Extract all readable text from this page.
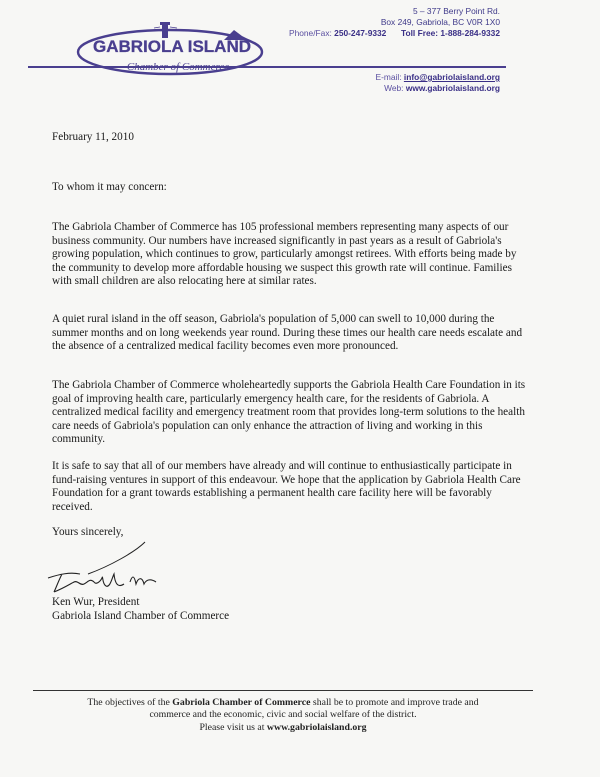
GABRIOLA ISLAND
5 – 377 Berry Point Rd.
Box 249, Gabriola, BC V0R 1X0
Phone/Fax: 250-247-9332 Toll Free: 1-888-284-9332
E-mail: info@gabriolaisland.org
Web: www.gabriolaisland.org
February 11, 2010
To whom it may concern:
The Gabriola Chamber of Commerce has 105 professional members representing many aspects of our business community. Our numbers have increased significantly in past years as a result of Gabriola's growing population, which continues to grow, particularly amongst retirees. With efforts being made by the community to develop more affordable housing we suspect this growth rate will continue. Families with small children are also relocating here at similar rates.
A quiet rural island in the off season, Gabriola's population of 5,000 can swell to 10,000 during the summer months and on long weekends year round. During these times our health care needs escalate and the absence of a centralized medical facility becomes even more pronounced.
The Gabriola Chamber of Commerce wholeheartedly supports the Gabriola Health Care Foundation in its goal of improving health care, particularly emergency health care, for the residents of Gabriola. A centralized medical facility and emergency treatment room that provides long-term solutions to the health care needs of Gabriola's population can only enhance the attraction of living and working in this community.
It is safe to say that all of our members have already and will continue to enthusiastically participate in fund-raising ventures in support of this endeavour. We hope that the application by Gabriola Health Care Foundation for a grant towards establishing a permanent health care facility here will be favorably received.
Yours sincerely,
Ken Wur, President
Gabriola Island Chamber of Commerce
The objectives of the Gabriola Chamber of Commerce shall be to promote and improve trade and
commerce and the economic, civic and social welfare of the district.
Please visit us at www.gabriolaisland.org
